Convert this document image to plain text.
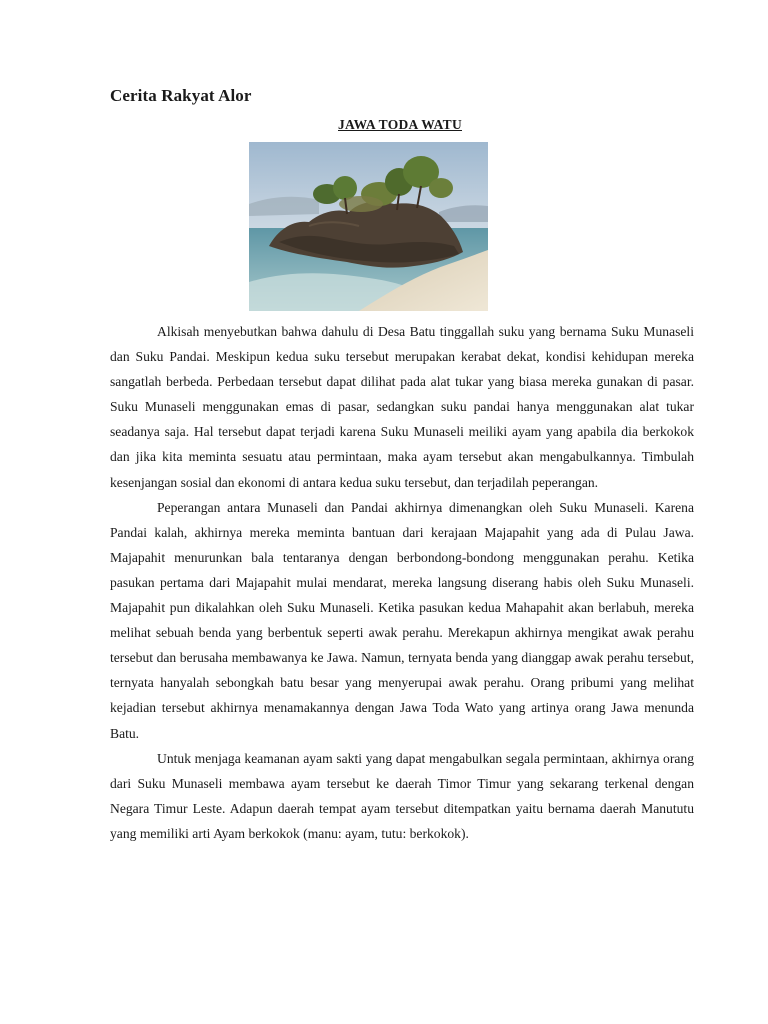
Cerita Rakyat Alor
JAWA TODA WATU

Alkisah menyebutkan bahwa dahulu di Desa Batu tinggallah suku yang bernama Suku Munaseli dan Suku Pandai. Meskipun kedua suku tersebut merupakan kerabat dekat, kondisi kehidupan mereka sangatlah berbeda. Perbedaan tersebut dapat dilihat pada alat tukar yang biasa mereka gunakan di pasar. Suku Munaseli menggunakan emas di pasar, sedangkan suku pandai hanya menggunakan alat tukar seadanya saja. Hal tersebut dapat terjadi karena Suku Munaseli meiliki ayam yang apabila dia berkokok dan jika kita meminta sesuatu atau permintaan, maka ayam tersebut akan mengabulkannya. Timbulah kesenjangan sosial dan ekonomi di antara kedua suku tersebut, dan terjadilah peperangan.

Peperangan antara Munaseli dan Pandai akhirnya dimenangkan oleh Suku Munaseli. Karena Pandai kalah, akhirnya mereka meminta bantuan dari kerajaan Majapahit yang ada di Pulau Jawa. Majapahit menurunkan bala tentaranya dengan berbondong-bondong menggunakan perahu. Ketika pasukan pertama dari Majapahit mulai mendarat, mereka langsung diserang habis oleh Suku Munaseli. Majapahit pun dikalahkan oleh Suku Munaseli. Ketika pasukan kedua Mahapahit akan berlabuh, mereka melihat sebuah benda yang berbentuk seperti awak perahu. Merekapun akhirnya mengikat awak perahu tersebut dan berusaha membawanya ke Jawa. Namun, ternyata benda yang dianggap awak perahu tersebut, ternyata hanyalah sebongkah batu besar yang menyerupai awak perahu. Orang pribumi yang melihat kejadian tersebut akhirnya menamakannya dengan Jawa Toda Wato yang artinya orang Jawa menunda Batu.

Untuk menjaga keamanan ayam sakti yang dapat mengabulkan segala permintaan, akhirnya orang dari Suku Munaseli membawa ayam tersebut ke daerah Timor Timur yang sekarang terkenal dengan Negara Timur Leste. Adapun daerah tempat ayam tersebut ditempatkan yaitu bernama daerah Manututu yang memiliki arti Ayam berkokok (manu: ayam, tutu: berkokok).
